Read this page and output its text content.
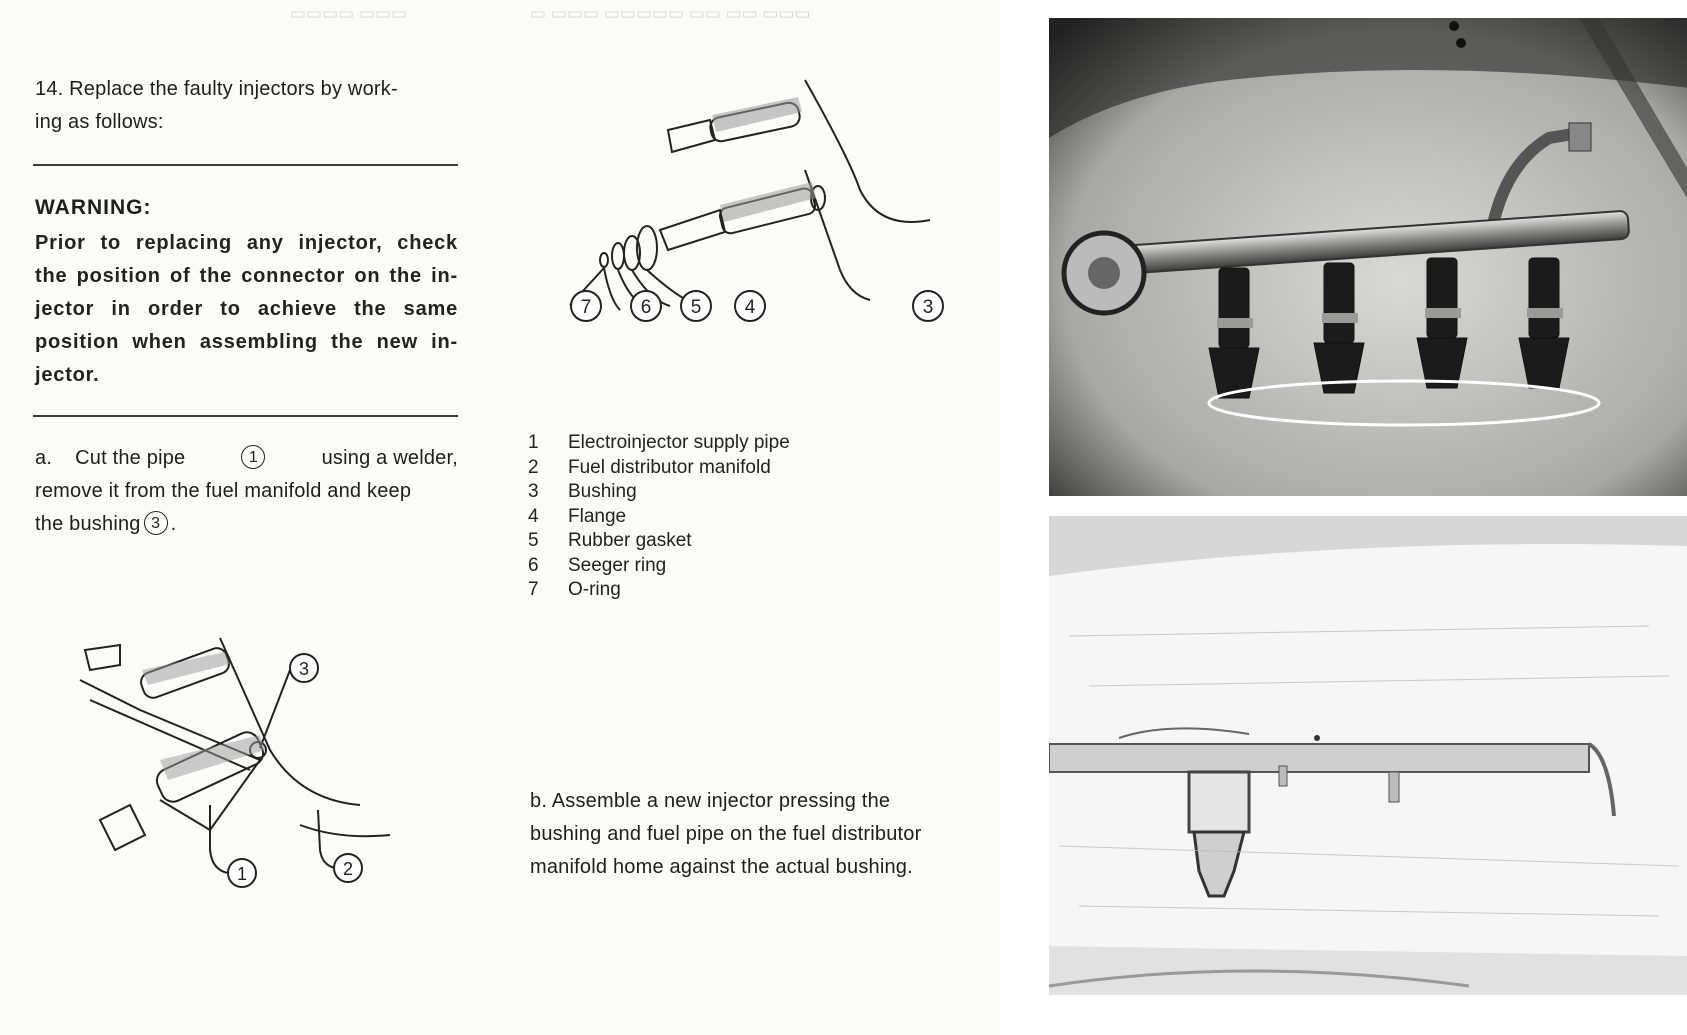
▭▭▭▭ ▭▭▭	▭ ▭▭▭ ▭▭▭▭▭ ▭▭ ▭▭ ▭▭▭
14. Replace the faulty injectors by work-
ing as follows:
WARNING:
Prior to replacing any injector, check
the position of the connector on the in-
jector in order to achieve the same
position when assembling the new in-
jector.
a.    Cut the pipe	1	using a welder,
remove it from the fuel manifold and keep
the bushing 3 .
1	2
3
7	6 5 4	3
1 Electroinjector supply pipe
2 Fuel distributor manifold
3 Bushing
4 Flange
5 Rubber gasket
6 Seeger ring
7 O-ring
b. Assemble a new injector pressing the
bushing and fuel pipe on the fuel distributor
manifold home against the actual bushing.
